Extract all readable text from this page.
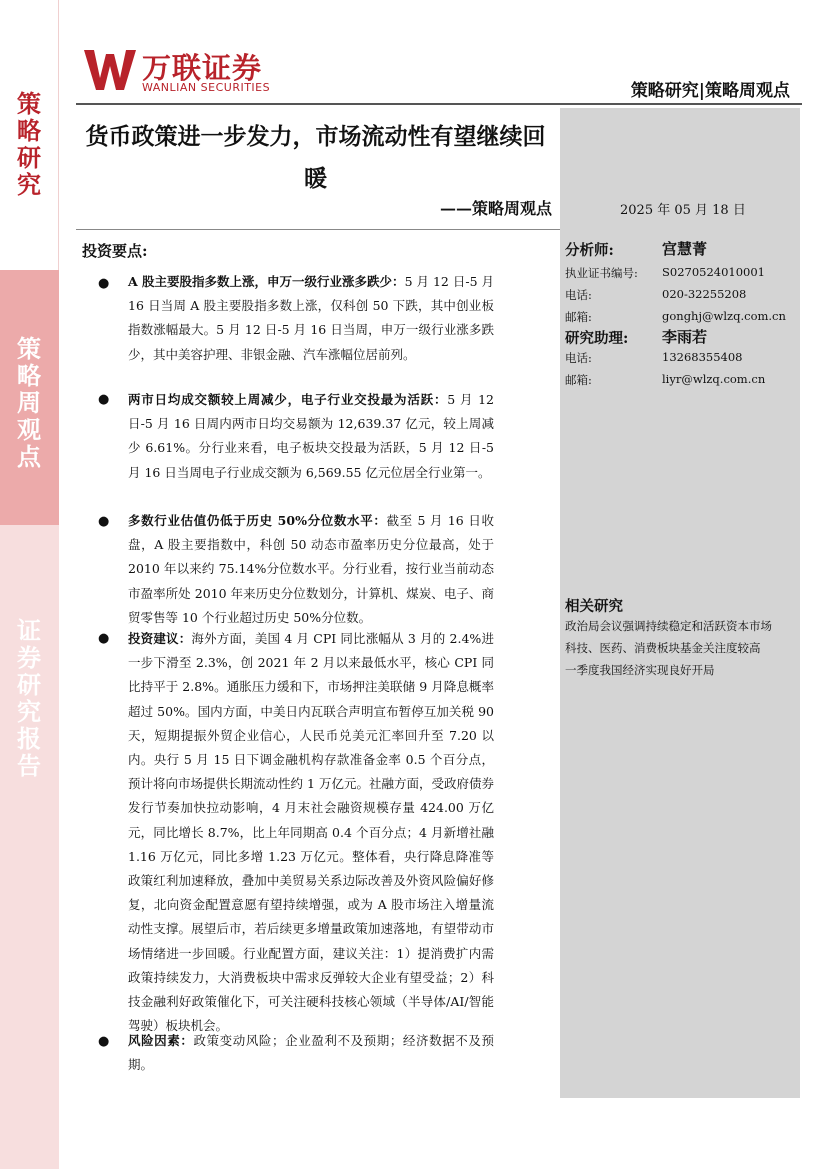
策略研究
策略周观点
证券研究报告
万联证券
WANLIAN SECURITIES	策略研究|策略周观点
货币政策进一步发力，市场流动性有望继续回暖
——策略周观点	2025 年 05 月 18 日
投资要点:
●	A 股主要股指多数上涨，申万一级行业涨多跌少：5 月 12 日-5 月 16 日当周 A 股主要股指多数上涨，仅科创 50 下跌，其中创业板指数涨幅最大。5 月 12 日-5 月 16 日当周，申万一级行业涨多跌少，其中美容护理、非银金融、汽车涨幅位居前列。

●	两市日均成交额较上周减少，电子行业交投最为活跃：5 月 12 日-5 月 16 日周内两市日均交易额为 12,639.37 亿元，较上周减少 6.61%。分行业来看，电子板块交投最为活跃，5 月 12 日-5 月 16 日当周电子行业成交额为 6,569.55 亿元位居全行业第一。

●	多数行业估值仍低于历史 50%分位数水平：截至 5 月 16 日收盘，A 股主要指数中，科创 50 动态市盈率历史分位最高，处于 2010 年以来约 75.14%分位数水平。分行业看，按行业当前动态市盈率所处 2010 年来历史分位数划分，计算机、煤炭、电子、商贸零售等 10 个行业超过历史 50%分位数。

●	投资建议：海外方面，美国 4 月 CPI 同比涨幅从 3 月的 2.4%进一步下滑至 2.3%，创 2021 年 2 月以来最低水平，核心 CPI 同比持平于 2.8%。通胀压力缓和下，市场押注美联储 9 月降息概率超过 50%。国内方面，中美日内瓦联合声明宣布暂停互加关税 90 天，短期提振外贸企业信心，人民币兑美元汇率回升至 7.20 以内。央行 5 月 15 日下调金融机构存款准备金率 0.5 个百分点，预计将向市场提供长期流动性约 1 万亿元。社融方面，受政府债券发行节奏加快拉动影响，4 月末社会融资规模存量 424.00 万亿元，同比增长 8.7%，比上年同期高 0.4 个百分点；4 月新增社融 1.16 万亿元，同比多增 1.23 万亿元。整体看，央行降息降准等政策红利加速释放，叠加中美贸易关系边际改善及外资风险偏好修复，北向资金配置意愿有望持续增强，或为 A 股市场注入增量流动性支撑。展望后市，若后续更多增量政策加速落地，有望带动市场情绪进一步回暖。行业配置方面，建议关注：1）提消费扩内需政策持续发力，大消费板块中需求反弹较大企业有望受益；2）科技金融利好政策催化下，可关注硬科技核心领域（半导体/AI/智能驾驶）板块机会。

●	风险因素：政策变动风险；企业盈利不及预期；经济数据不及预期。

分析师:	宫慧菁
执业证书编号: S0270524010001
电话:	020-32255208
邮箱:	gonghj@wlzq.com.cn
研究助理: 李雨若
电话:	13268355408
邮箱:	liyr@wlzq.com.cn
相关研究
政治局会议强调持续稳定和活跃资本市场
科技、医药、消费板块基金关注度较高
一季度我国经济实现良好开局
